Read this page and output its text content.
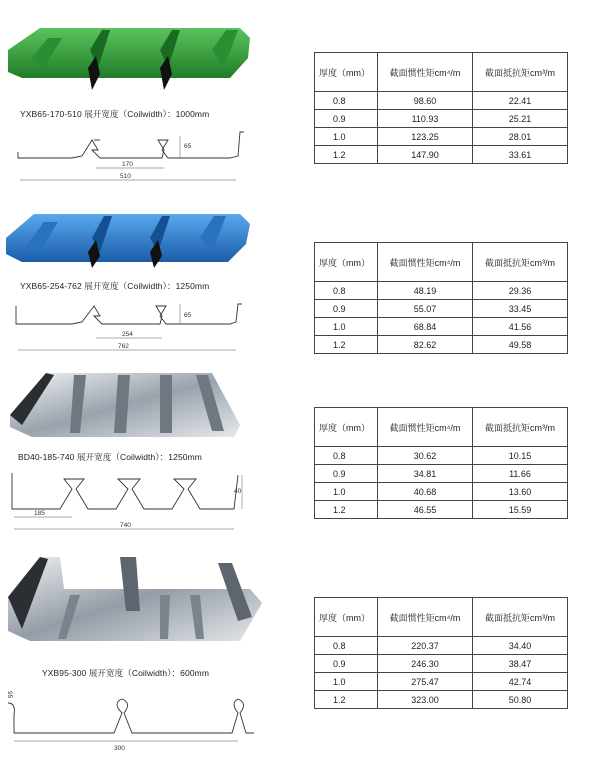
YXB65-170-510 展开宽度（Coilwidth）：1000mm
65
170
510
厚度（mm）	截面惯性矩cm⁴/m	截面抵抗矩cm³/m
0.8	98.60	22.41
0.9	110.93	25.21
1.0	123.25	28.01
1.2	147.90	33.61
YXB65-254-762 展开宽度（Coilwidth）：1250mm
65
254
762
厚度（mm）	截面惯性矩cm⁴/m	截面抵抗矩cm³/m
0.8	48.19	29.36
0.9	55.07	33.45
1.0	68.84	41.56
1.2	82.62	49.58
BD40-185-740 展开宽度（Coilwidth）：1250mm
40
185
740
厚度（mm）	截面惯性矩cm⁴/m	截面抵抗矩cm³/m
0.8	30.62	10.15
0.9	34.81	11.66
1.0	40.68	13.60
1.2	46.55	15.59
YXB95-300 展开宽度（Coilwidth）：600mm
95
300
厚度（mm）	截面惯性矩cm⁴/m	截面抵抗矩cm³/m
0.8	220.37	34.40
0.9	246.30	38.47
1.0	275.47	42.74
1.2	323.00	50.80
